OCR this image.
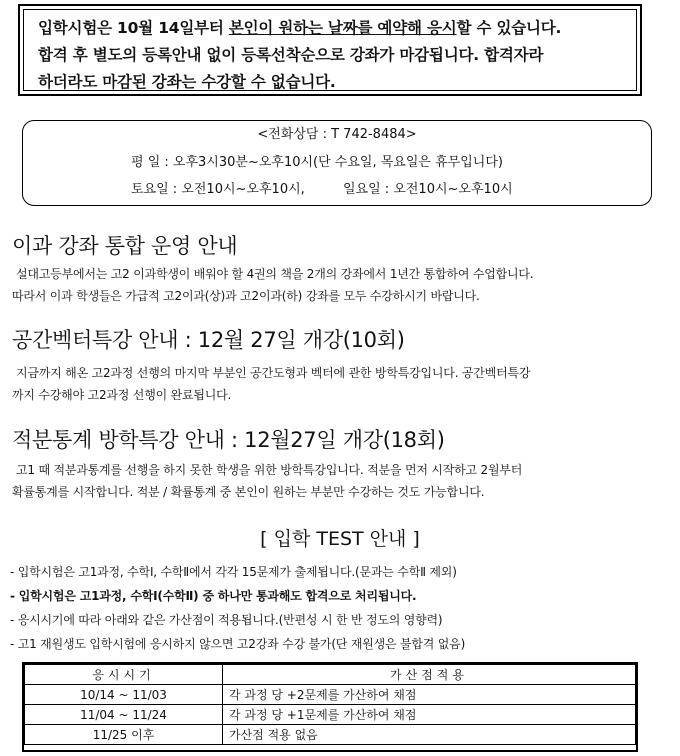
입학시험은 10월 14일부터 본인이 원하는 날짜를 예약해 응시할 수 있습니다.
합격 후 별도의 등록안내 없이 등록선착순으로 강좌가 마감됩니다. 합격자라
하더라도 마감된 강좌는 수강할 수 없습니다.
<전화상담 : T 742-8484>
평 일 : 오후3시30분~오후10시(단 수요일, 목요일은 휴무입니다)
토요일 : 오전10시~오후10시,	일요일 : 오전10시~오후10시
이과 강좌 통합 운영 안내
설대고등부에서는 고2 이과학생이 배워야 할 4권의 책을 2개의 강좌에서 1년간 통합하여 수업합니다.
따라서 이과 학생들은 가급적 고2이과(상)과 고2이과(하) 강좌를 모두 수강하시기 바랍니다.
공간벡터특강 안내 : 12월 27일 개강(10회)
지금까지 해온 고2과정 선행의 마지막 부분인 공간도형과 벡터에 관한 방학특강입니다. 공간벡터특강
까지 수강해야 고2과정 선행이 완료됩니다.
적분통계 방학특강 안내 : 12월27일 개강(18회)
고1 때 적분과통계를 선행을 하지 못한 학생을 위한 방학특강입니다. 적분을 먼저 시작하고 2월부터
확률통계를 시작합니다. 적분 / 확률통계 중 본인이 원하는 부분만 수강하는 것도 가능합니다.
[ 입학 TEST 안내 ]
- 입학시험은 고1과정, 수학Ⅰ, 수학Ⅱ에서 각각 15문제가 출제됩니다.(문과는 수학Ⅱ 제외)
- 입학시험은 고1과정, 수학Ⅰ(수학Ⅱ) 중 하나만 통과해도 합격으로 처리됩니다.
- 응시시기에 따라 아래와 같은 가산점이 적용됩니다.(반편성 시 한 반 정도의 영향력)
- 고1 재원생도 입학시험에 응시하지 않으면 고2강좌 수강 불가(단 재원생은 불합격 없음)
응시시기	가산점적용
10/14 ~ 11/03	각 과정 당 +2문제를 가산하여 채점
11/04 ~ 11/24	각 과정 당 +1문제를 가산하여 채점
11/25 이후	가산점 적용 없음
